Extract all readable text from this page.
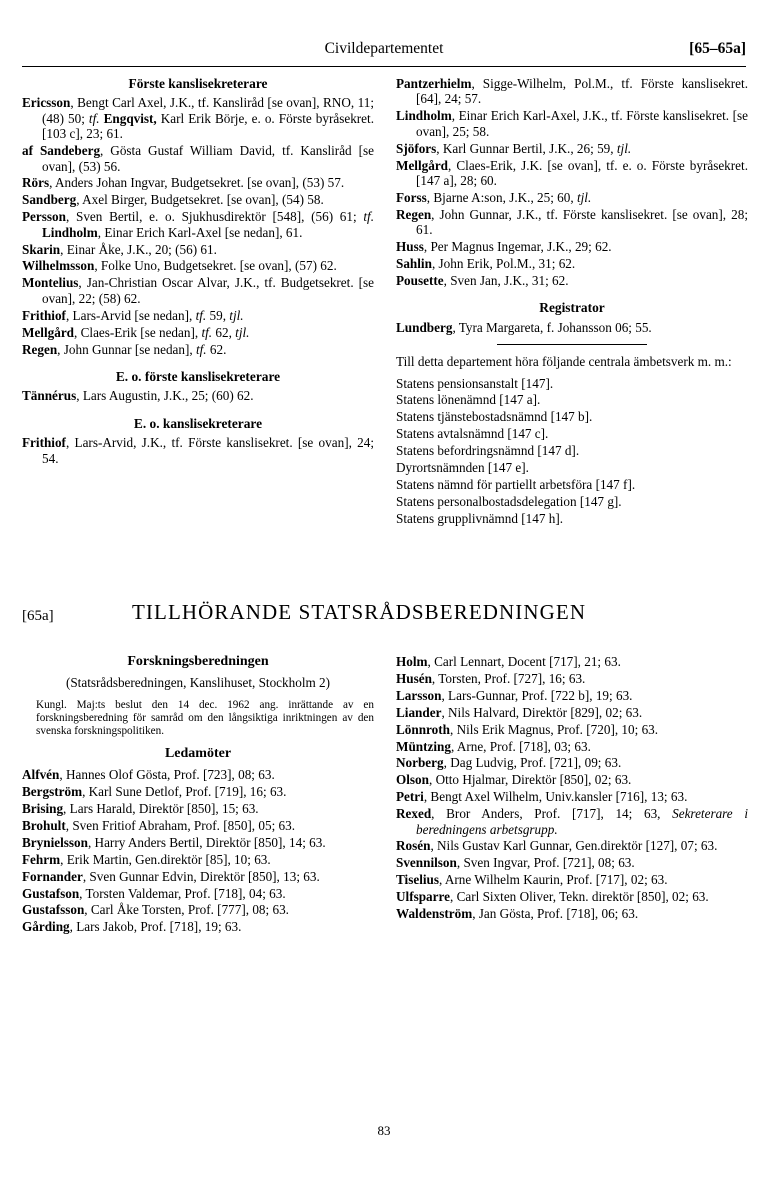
Civildepartementet	[65–65a]
Förste kanslisekreterare
Ericsson, Bengt Carl Axel, J.K., tf. Kansliråd [se ovan], RNO, 11; (48) 50; tf. Engqvist, Karl Erik Börje, e. o. Förste byråsekret. [103 c], 23; 61.
af Sandeberg, Gösta Gustaf William David, tf. Kansliråd [se ovan], (53) 56.
Rörs, Anders Johan Ingvar, Budgetsekret. [se ovan], (53) 57.
Sandberg, Axel Birger, Budgetsekret. [se ovan], (54) 58.
Persson, Sven Bertil, e. o. Sjukhusdirektör [548], (56) 61; tf. Lindholm, Einar Erich Karl-Axel [se nedan], 61.
Skarin, Einar Åke, J.K., 20; (56) 61.
Wilhelmsson, Folke Uno, Budgetsekret. [se ovan], (57) 62.
Montelius, Jan-Christian Oscar Alvar, J.K., tf. Budgetsekret. [se ovan], 22; (58) 62.
Frithiof, Lars-Arvid [se nedan], tf. 59, tjl.
Mellgård, Claes-Erik [se nedan], tf. 62, tjl.
Regen, John Gunnar [se nedan], tf. 62.
E. o. förste kanslisekreterare
Tännérus, Lars Augustin, J.K., 25; (60) 62.
E. o. kanslisekreterare
Frithiof, Lars-Arvid, J.K., tf. Förste kanslisekret. [se ovan], 24; 54.
Pantzerhielm, Sigge-Wilhelm, Pol.M., tf. Förste kanslisekret. [64], 24; 57.
Lindholm, Einar Erich Karl-Axel, J.K., tf. Förste kanslisekret. [se ovan], 25; 58.
Sjöfors, Karl Gunnar Bertil, J.K., 26; 59, tjl.
Mellgård, Claes-Erik, J.K. [se ovan], tf. e. o. Förste byråsekret. [147 a], 28; 60.
Forss, Bjarne A:son, J.K., 25; 60, tjl.
Regen, John Gunnar, J.K., tf. Förste kanslisekret. [se ovan], 28; 61.
Huss, Per Magnus Ingemar, J.K., 29; 62.
Sahlin, John Erik, Pol.M., 31; 62.
Pousette, Sven Jan, J.K., 31; 62.
Registrator
Lundberg, Tyra Margareta, f. Johansson 06; 55.
Till detta departement höra följande centrala ämbetsverk m. m.:
Statens pensionsanstalt [147].
Statens lönenämnd [147 a].
Statens tjänstebostadsnämnd [147 b].
Statens avtalsnämnd [147 c].
Statens befordringsnämnd [147 d].
Dyrortsnämnden [147 e].
Statens nämnd för partiellt arbetsföra [147 f].
Statens personalbostadsdelegation [147 g].
Statens grupplivnämnd [147 h].
[65a]	TILLHÖRANDE STATSRÅDSBEREDNINGEN
Forskningsberedningen
(Statsrådsberedningen, Kanslihuset, Stockholm 2)
Kungl. Maj:ts beslut den 14 dec. 1962 ang. inrättande av en forskningsberedning för samråd om den långsiktiga inriktningen av den svenska forskningspolitiken.
Ledamöter
Alfvén, Hannes Olof Gösta, Prof. [723], 08; 63.
Bergström, Karl Sune Detlof, Prof. [719], 16; 63.
Brising, Lars Harald, Direktör [850], 15; 63.
Brohult, Sven Fritiof Abraham, Prof. [850], 05; 63.
Brynielsson, Harry Anders Bertil, Direktör [850], 14; 63.
Fehrm, Erik Martin, Gen.direktör [85], 10; 63.
Fornander, Sven Gunnar Edvin, Direktör [850], 13; 63.
Gustafson, Torsten Valdemar, Prof. [718], 04; 63.
Gustafsson, Carl Åke Torsten, Prof. [777], 08; 63.
Gårding, Lars Jakob, Prof. [718], 19; 63.
Holm, Carl Lennart, Docent [717], 21; 63.
Husén, Torsten, Prof. [727], 16; 63.
Larsson, Lars-Gunnar, Prof. [722 b], 19; 63.
Liander, Nils Halvard, Direktör [829], 02; 63.
Lönnroth, Nils Erik Magnus, Prof. [720], 10; 63.
Müntzing, Arne, Prof. [718], 03; 63.
Norberg, Dag Ludvig, Prof. [721], 09; 63.
Olson, Otto Hjalmar, Direktör [850], 02; 63.
Petri, Bengt Axel Wilhelm, Univ.kansler [716], 13; 63.
Rexed, Bror Anders, Prof. [717], 14; 63, Sekreterare i beredningens arbetsgrupp.
Rosén, Nils Gustav Karl Gunnar, Gen.direktör [127], 07; 63.
Svennilson, Sven Ingvar, Prof. [721], 08; 63.
Tiselius, Arne Wilhelm Kaurin, Prof. [717], 02; 63.
Ulfsparre, Carl Sixten Oliver, Tekn. direktör [850], 02; 63.
Waldenström, Jan Gösta, Prof. [718], 06; 63.
83
